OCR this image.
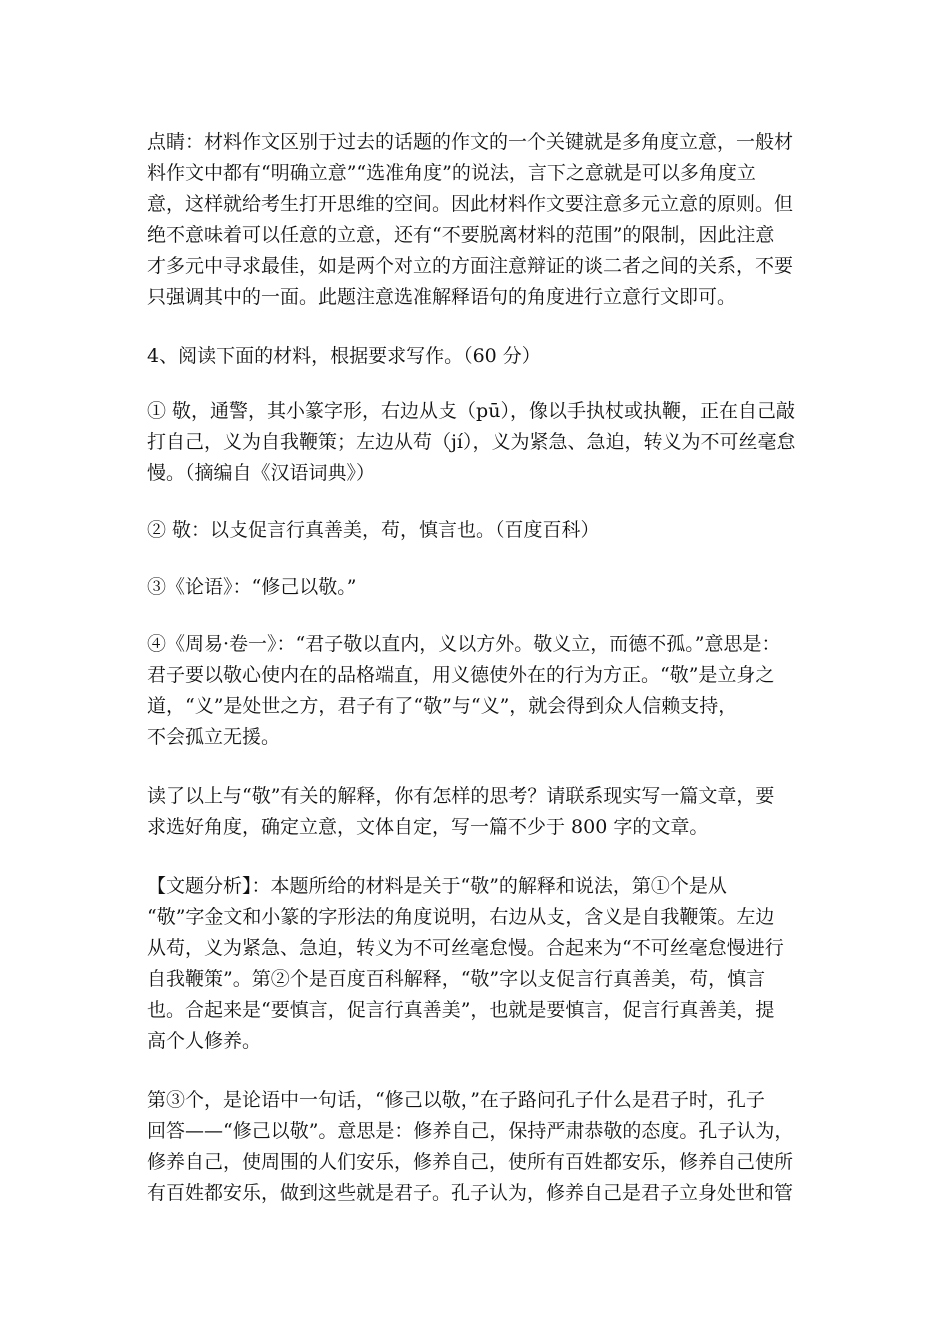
点睛：材料作文区别于过去的话题的作文的一个关键就是多角度立意，一般材
料作文中都有“明确立意”“选准角度”的说法，言下之意就是可以多角度立
意，这样就给考生打开思维的空间。因此材料作文要注意多元立意的原则。但
绝不意味着可以任意的立意，还有“不要脱离材料的范围”的限制，因此注意
才多元中寻求最佳，如是两个对立的方面注意辩证的谈二者之间的关系，不要
只强调其中的一面。此题注意选准解释语句的角度进行立意行文即可。

4、阅读下面的材料，根据要求写作。（60 分）

① 敬，通警，其小篆字形，右边从攴（pū），像以手执杖或执鞭，正在自己敲
打自己，义为自我鞭策；左边从苟（jí），义为紧急、急迫，转义为不可丝毫怠
慢。（摘编自《汉语词典》）

② 敬：以攴促言行真善美，苟，慎言也。（百度百科）

③《论语》：“修己以敬。”

④《周易·卷一》：“君子敬以直内，义以方外。敬义立，而德不孤。”意思是：
君子要以敬心使内在的品格端直，用义德使外在的行为方正。“敬”是立身之
道，“义”是处世之方，君子有了“敬”与“义”，就会得到众人信赖支持，
不会孤立无援。

读了以上与“敬”有关的解释，你有怎样的思考？请联系现实写一篇文章，要
求选好角度，确定立意，文体自定，写一篇不少于 800 字的文章。

【文题分析】：本题所给的材料是关于“敬”的解释和说法，第①个是从
“敬”字金文和小篆的字形法的角度说明，右边从攴，含义是自我鞭策。左边
从苟，义为紧急、急迫，转义为不可丝毫怠慢。合起来为“不可丝毫怠慢进行
自我鞭策”。第②个是百度百科解释，“敬”字以攴促言行真善美，苟，慎言
也。合起来是“要慎言，促言行真善美”，也就是要慎言，促言行真善美，提
高个人修养。

第③个，是论语中一句话，“修己以敬，”在子路问孔子什么是君子时，孔子
回答——“修己以敬”。意思是：修养自己，保持严肃恭敬的态度。孔子认为，
修养自己，使周围的人们安乐，修养自己，使所有百姓都安乐，修养自己使所
有百姓都安乐，做到这些就是君子。孔子认为，修养自己是君子立身处世和管
